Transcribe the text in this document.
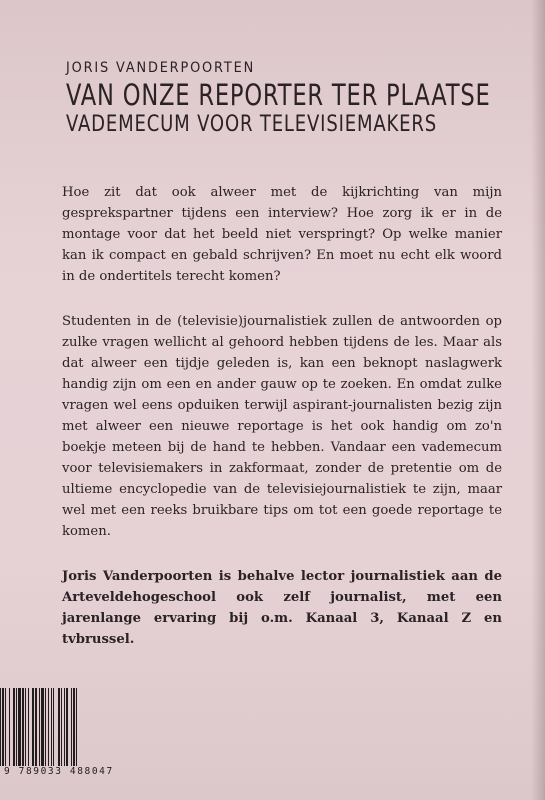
JORIS VANDERPOORTEN
VAN ONZE REPORTER TER PLAATSE
VADEMECUM VOOR TELEVISIEMAKERS

Hoe zit dat ook alweer met de kijkrichting van mijn gesprekspartner tijdens een interview? Hoe zorg ik er in de montage voor dat het beeld niet verspringt? Op welke manier kan ik compact en gebald schrijven? En moet nu echt elk woord in de ondertitels terecht komen?

Studenten in de (televisie)journalistiek zullen de antwoorden op zulke vragen wellicht al gehoord hebben tijdens de les. Maar als dat alweer een tijdje geleden is, kan een beknopt naslagwerk handig zijn om een en ander gauw op te zoeken. En omdat zulke vragen wel eens opduiken terwijl aspirant-journalisten bezig zijn met alweer een nieuwe reportage is het ook handig om zo'n boekje meteen bij de hand te hebben. Vandaar een vademecum voor televisiemakers in zakformaat, zonder de pretentie om de ultieme encyclopedie van de televisiejournalistiek te zijn, maar wel met een reeks bruikbare tips om tot een goede reportage te komen.

Joris Vanderpoorten is behalve lector journalistiek aan de Arteveldehogeschool ook zelf journalist, met een jarenlange ervaring bij o.m. Kanaal 3, Kanaal Z en tvbrussel.

9 789033 488047
